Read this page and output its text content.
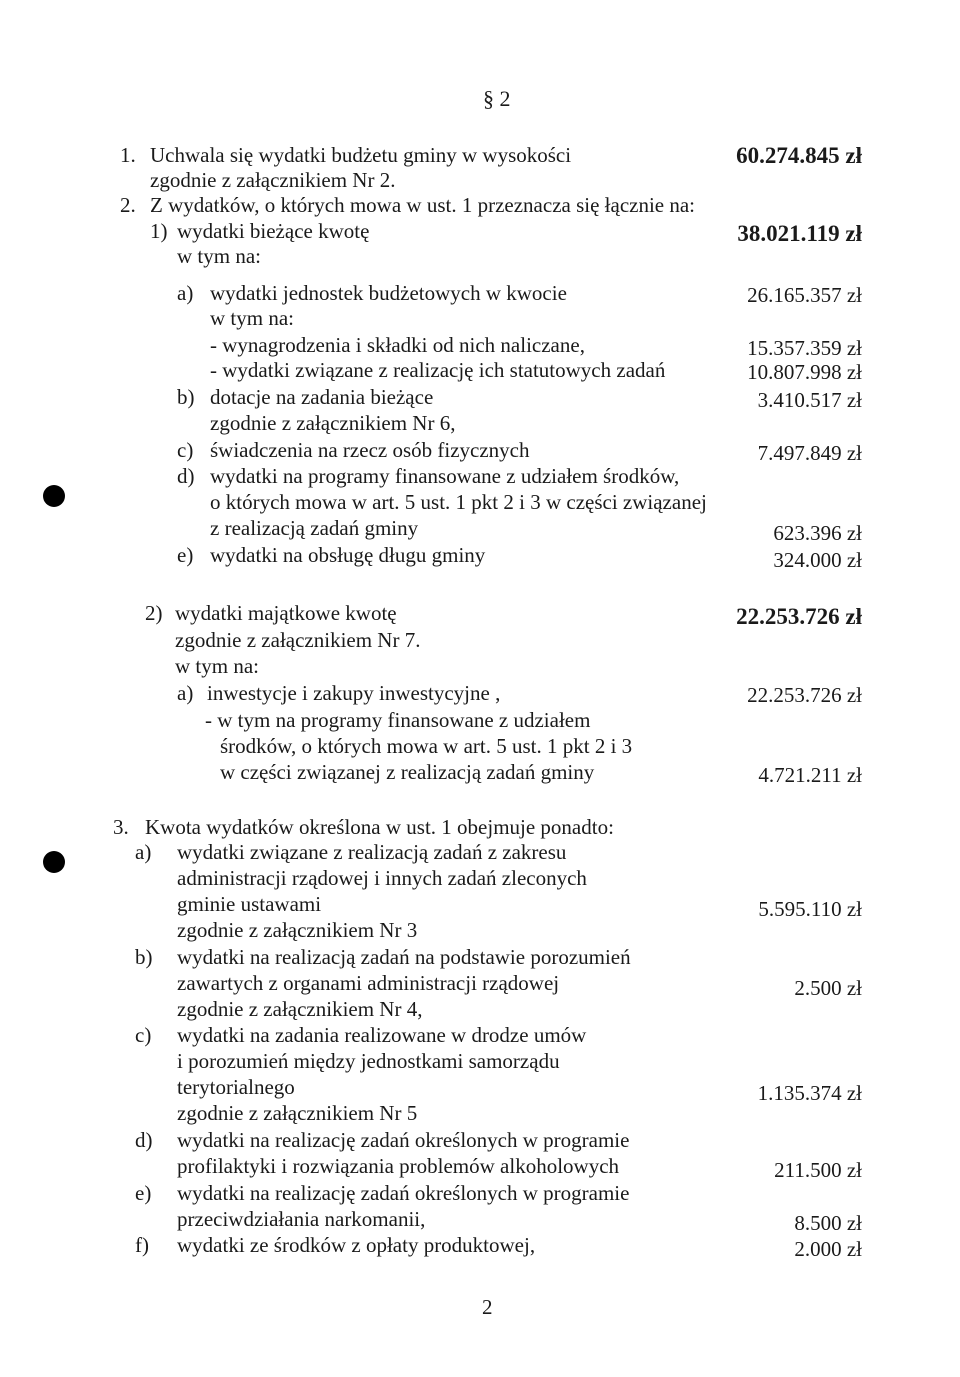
§ 2
1. Uchwala się wydatki budżetu gminy w wysokości	60.274.845 zł
zgodnie z załącznikiem Nr 2.
2. Z wydatków, o których mowa w ust. 1 przeznacza się łącznie na:
1) wydatki bieżące kwotę	38.021.119 zł
w tym na:
a) wydatki jednostek budżetowych w kwocie	26.165.357 zł
w tym na:
- wynagrodzenia i składki od nich naliczane,	15.357.359 zł
- wydatki związane z realizację ich statutowych zadań	10.807.998 zł
b) dotacje na zadania bieżące	3.410.517 zł
zgodnie z załącznikiem Nr 6,
c) świadczenia na rzecz osób fizycznych	7.497.849 zł
d) wydatki na programy finansowane z udziałem środków,
o których mowa w art. 5 ust. 1 pkt 2 i 3 w części związanej
z realizacją zadań gminy	623.396 zł
e) wydatki na obsługę długu gminy	324.000 zł
2) wydatki majątkowe kwotę	22.253.726 zł
zgodnie z załącznikiem Nr 7.
w tym na:
a) inwestycje i zakupy inwestycyjne ,	22.253.726 zł
- w tym na programy finansowane z udziałem
środków, o których mowa w art. 5 ust. 1 pkt 2 i 3
w części związanej z realizacją zadań gminy	4.721.211 zł
3. Kwota wydatków określona w ust. 1 obejmuje ponadto:
a) wydatki związane z realizacją zadań z zakresu
administracji rządowej i innych zadań zleconych
gminie ustawami	5.595.110 zł
zgodnie z załącznikiem Nr 3
b) wydatki na realizacją zadań na podstawie porozumień
zawartych z organami administracji rządowej	2.500 zł
zgodnie z załącznikiem Nr 4,
c) wydatki na zadania realizowane w drodze umów
i porozumień między jednostkami samorządu
terytorialnego	1.135.374 zł
zgodnie z załącznikiem Nr 5
d) wydatki na realizację zadań określonych w programie
profilaktyki i rozwiązania problemów alkoholowych	211.500 zł
e) wydatki na realizację zadań określonych w programie
przeciwdziałania narkomanii,	8.500 zł
f) wydatki ze środków z opłaty produktowej,	2.000 zł
2
